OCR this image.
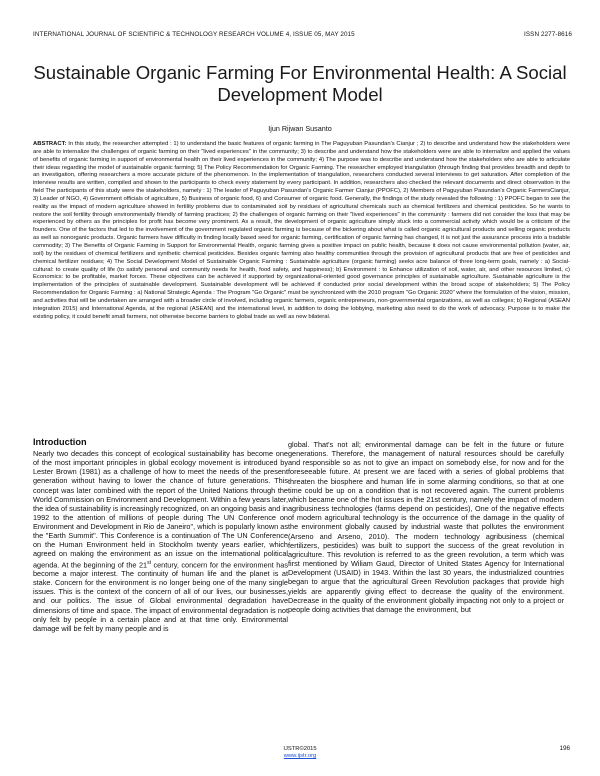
INTERNATIONAL JOURNAL OF SCIENTIFIC & TECHNOLOGY RESEARCH VOLUME 4, ISSUE 05, MAY 2015	ISSN 2277-8616
Sustainable Organic Farming For Environmental Health: A Social Development Model
Ijun Rijwan Susanto
ABSTRACT: In this study, the researcher attempted : 1) to understand the basic features of organic farming in The Paguyuban Pasundan's Cianjur ; 2) to describe and understand how the stakeholders were are able to internalize the challenges of organic farming on their "lived experiences" in the community; 3) to describe and understand how the stakeholders were are able to internalize and applied the values of benefits of organic farming in support of environmental health on their lived experiences in the community; 4) The purpose was to describe and understand how the stakeholders who are able to articulate their ideas regarding the model of sustainable organic farming; 5) The Policy Recommendation for Organic Farming. The researcher employed triangulation (through finding that provides breadth and depth to an investigation, offering researchers a more accurate picture of the phenomenon. In the implementation of triangulation, researchers conducted several interviews to get saturation. After completion of the interview results are written, compiled and shown to the participants to check every statement by every participant. In addition, researchers also checked the relevant documents and direct observation in the field The participants of this study were the stakeholders, namely : 1) The leader of Paguyuban Pasundan's Organic Farmer Cianjur (PPOFC), 2) Members of Paguyuban Pasundan's Organic FarmersCianjur, 3) Leader of NGO, 4) Government officials of agriculture, 5) Business of organic food, 6) and Consumer of organic food. Generally, the findings of the study revealed the following : 1) PPOFC began to see the reality as the impact of modern agriculture showed in fertility problems due to contaminated soil by residues of agricultural chemicals such as chemical fertilizers and chemical pesticides. So he wants to restore the soil fertility through environmentally friendly of farming practices; 2) the challenges of organic farming on their "lived experiences" in the community : farmers did not consider the loss that may be experienced by others as the principles for profit has become very prominent. As a result, the development of organic agriculture simply stuck into a commercial activity which would be a criticism of the founders. One of the factors that led to the involvement of the government regulated organic farming is because of the bickering about what is called organic agricultural products and selling organic products as well as nonorganic products. Organic farmers have difficulty in finding locally based seed for organic farming, certification of organic farming has changed, it is not just the assurance process into a tradable commodity; 3) The Benefits of Organic Farming in Support for Environmental Health, organic farming gives a positive impact on public health, because it does not cause environmental pollution (water, air, soil) by the residues of chemical fertilizers and synthetic chemical pesticides. Besides organic farming also healthy communities through the provision of agricultural products that are free of pesticides and chemical fertilizer residues; 4) The Social Development Model of Sustainable Organic Farming : Sustainable agriculture (organic farming) seeks acre balance of three long-term goals, namely : a) Social-cultural: to create quality of life (to satisfy personal and community needs for health, food safety, and happiness); b) Environment : to Enhance utilization of soil, water, air, and other resources limited, c) Economics: to be profitable, market forces. These objectives can be achieved if supported by organizational-oriented good governance principles of sustainable agriculture. Sustainable agriculture is the implementation of the principles of sustainable development. Sustainable development will be achieved if conducted prior social development within the broad scope of stakeholders; 5) The Policy Recommendation for Organic Farming : a) National Strategic Agenda : The Program "Go Organic" must be synchronized with the 2010 program "Go Organic 2020" where the formulation of the vision, mission, and activities that will be undertaken are arranged with a broader circle of involved, including organic farmers, organic entrepreneurs, non-governmental organizations, as well as colleges; b) Regional (ASEAN integration 2015) and International Agenda, at the regional (ASEAN) and the international level, in addition to doing the lobbying, marketing also need to do the work of advocacy. Purpose is to make the existing policy, it could benefit small farmers, not otherwise become barriers to global trade as well as new bilateral.
Introduction
Nearly two decades this concept of ecological sustainability has become one of the most important principles in global ecology movement is introduced by Lester Brown (1981) as a challenge of how to meet the needs of the present generation without having to lower the chance of future generations. This concept was later combined with the report of the United Nations through the World Commission on Environment and Development. Within a few years later, the idea of sustainability is increasingly recognized, on an ongoing basis and in 1992 to the attention of millions of people during The UN Conference on Environment and Development in Rio de Janeiro", which is popularly known as the "Earth Summit". This Conference is a continuation of The UN Conference on the Human Environment held in Stockholm twenty years earlier, which agreed on making the environment as an issue on the international political agenda. At the beginning of the 21st century, concern for the environment has become a major interest. The continuity of human life and the planet is at stake. Concern for the environment is no longer being one of the many single issues. This is the context of the concern of all of our lives, our businesses, and our politics. The issue of Global environmental degradation have dimensions of time and space. The impact of environmental degradation is not only felt by people in a certain place and at that time only. Environmental damage will be felt by many people and is
global. That's not all; environmental damage can be felt in the future or future generations. Therefore, the management of natural resources should be carefully and responsible so as not to give an impact on somebody else, for now and for the foreseeable future. At present we are faced with a series of global problems that threaten the biosphere and human life in some alarming conditions, so that at one time could be up on a condition that is not recovered again. The current problems which became one of the hot issues in the 21st century, namely the impact of modern agribusiness technologies (farms depend on pesticides), One of the negative effects of modern agricultural technology is the occurrence of the damage in the quality of the environment globally caused by industrial waste that pollutes the environment (Arseno and Arseno, 2010). The modern technology agribusiness (chemical fertilizers, pesticides) was built to support the success of the great revolution in agriculture. This revolution is referred to as the green revolution, a term which was first mentioned by Wiliam Gaud, Director of United States Agency for International Development (USAID) in 1943. Within the last 30 years, the industrialized countries began to argue that the agricultural Green Revolution packages that provide high yields are apparently giving effect to decrease the quality of the environment. Decrease in the quality of the environment globally impacting not only to a project or people doing activities that damage the environment, but
IJSTR©2015
www.ijstr.org
196
